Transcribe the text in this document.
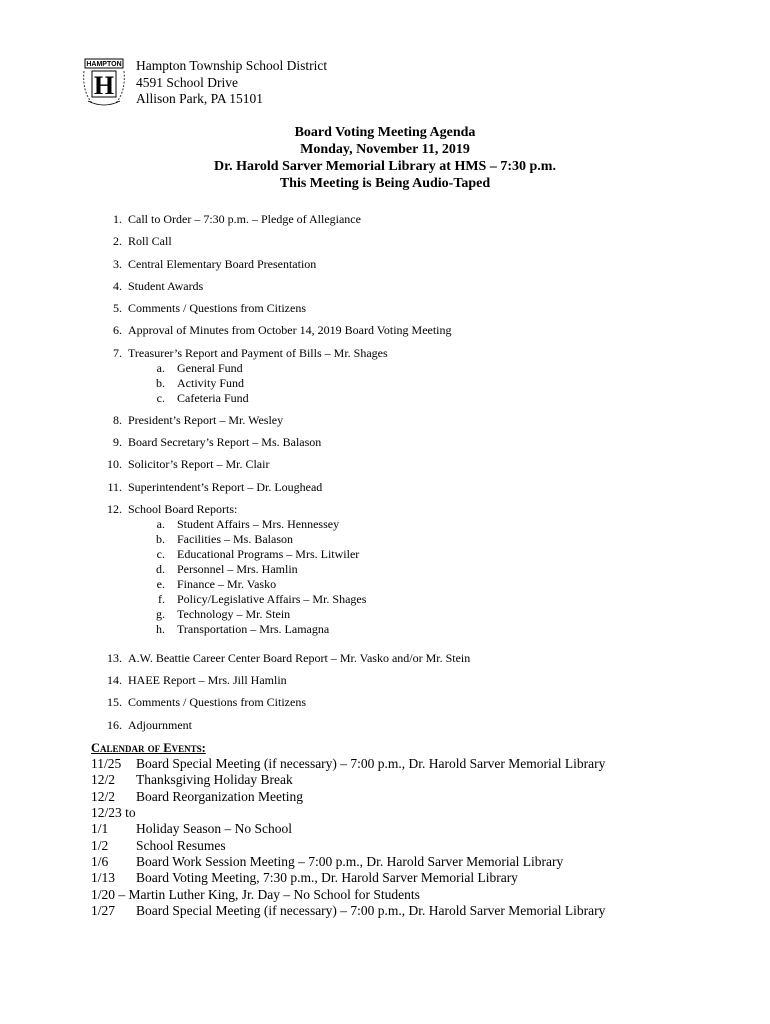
HAMPTON
H
Hampton Township School District
4591 School Drive
Allison Park, PA 15101
Board Voting Meeting Agenda
Monday, November 11, 2019
Dr. Harold Sarver Memorial Library at HMS – 7:30 p.m.
This Meeting is Being Audio-Taped
1. Call to Order – 7:30 p.m. – Pledge of Allegiance
2. Roll Call
3. Central Elementary Board Presentation
4. Student Awards
5. Comments / Questions from Citizens
6. Approval of Minutes from October 14, 2019 Board Voting Meeting
7. Treasurer’s Report and Payment of Bills – Mr. Shages
a. General Fund
b. Activity Fund
c. Cafeteria Fund
8. President’s Report – Mr. Wesley
9. Board Secretary’s Report – Ms. Balason
10. Solicitor’s Report – Mr. Clair
11. Superintendent’s Report – Dr. Loughead
12. School Board Reports:
a. Student Affairs – Mrs. Hennessey
b. Facilities – Ms. Balason
c. Educational Programs – Mrs. Litwiler
d. Personnel – Mrs. Hamlin
e. Finance – Mr. Vasko
f. Policy/Legislative Affairs – Mr. Shages
g. Technology – Mr. Stein
h. Transportation – Mrs. Lamagna
13. A.W. Beattie Career Center Board Report – Mr. Vasko and/or Mr. Stein
14. HAEE Report – Mrs. Jill Hamlin
15. Comments / Questions from Citizens
16. Adjournment
Calendar of Events:
11/25 Board Special Meeting (if necessary) – 7:00 p.m., Dr. Harold Sarver Memorial Library
12/2 Thanksgiving Holiday Break
12/2 Board Reorganization Meeting
12/23 to
1/1 Holiday Season – No School
1/2 School Resumes
1/6 Board Work Session Meeting – 7:00 p.m., Dr. Harold Sarver Memorial Library
1/13 Board Voting Meeting, 7:30 p.m., Dr. Harold Sarver Memorial Library
1/20 – Martin Luther King, Jr. Day – No School for Students
1/27 Board Special Meeting (if necessary) – 7:00 p.m., Dr. Harold Sarver Memorial Library
